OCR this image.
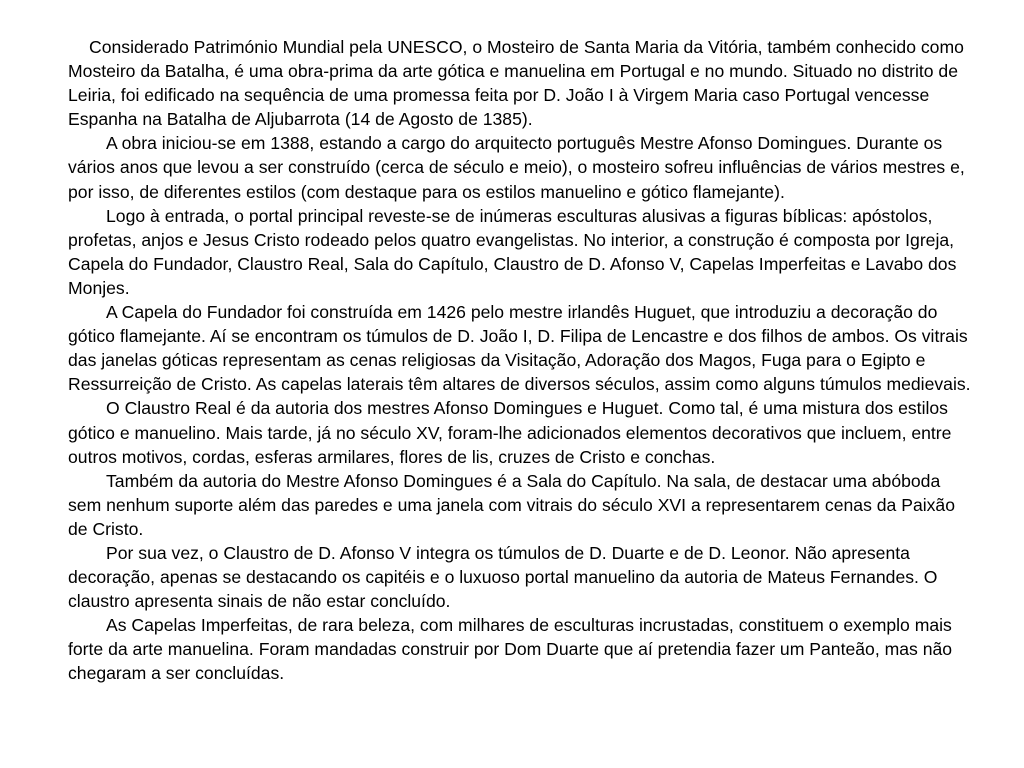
Considerado Património Mundial pela UNESCO, o Mosteiro de Santa Maria da Vitória, também conhecido como Mosteiro da Batalha, é uma obra-prima da arte gótica e manuelina em Portugal e no mundo. Situado no distrito de Leiria, foi edificado na sequência de uma promessa feita por D. João I à Virgem Maria caso Portugal vencesse Espanha na Batalha de Aljubarrota (14 de Agosto de 1385).

A obra iniciou-se em 1388, estando a cargo do arquitecto português Mestre Afonso Domingues. Durante os vários anos que levou a ser construído (cerca de século e meio), o mosteiro sofreu influências de vários mestres e, por isso, de diferentes estilos (com destaque para os estilos manuelino e gótico flamejante).

Logo à entrada, o portal principal reveste-se de inúmeras esculturas alusivas a figuras bíblicas: apóstolos, profetas, anjos e Jesus Cristo rodeado pelos quatro evangelistas. No interior, a construção é composta por Igreja, Capela do Fundador, Claustro Real, Sala do Capítulo, Claustro de D. Afonso V, Capelas Imperfeitas e Lavabo dos Monjes.

A Capela do Fundador foi construída em 1426 pelo mestre irlandês Huguet, que introduziu a decoração do gótico flamejante. Aí se encontram os túmulos de D. João I, D. Filipa de Lencastre e dos filhos de ambos. Os vitrais das janelas góticas representam as cenas religiosas da Visitação, Adoração dos Magos, Fuga para o Egipto e Ressurreição de Cristo. As capelas laterais têm altares de diversos séculos, assim como alguns túmulos medievais.

O Claustro Real é da autoria dos mestres Afonso Domingues e Huguet. Como tal, é uma mistura dos estilos gótico e manuelino. Mais tarde, já no século XV, foram-lhe adicionados elementos decorativos que incluem, entre outros motivos, cordas, esferas armilares, flores de lis, cruzes de Cristo e conchas.

Também da autoria do Mestre Afonso Domingues é a Sala do Capítulo. Na sala, de destacar uma abóboda sem nenhum suporte além das paredes e uma janela com vitrais do século XVI a representarem cenas da Paixão de Cristo.

Por sua vez, o Claustro de D. Afonso V integra os túmulos de D. Duarte e de D. Leonor. Não apresenta decoração, apenas se destacando os capitéis e o luxuoso portal manuelino da autoria de Mateus Fernandes. O claustro apresenta sinais de não estar concluído.

As Capelas Imperfeitas, de rara beleza, com milhares de esculturas incrustadas, constituem o exemplo mais forte da arte manuelina. Foram mandadas construir por Dom Duarte que aí pretendia fazer um Panteão, mas não chegaram a ser concluídas.
